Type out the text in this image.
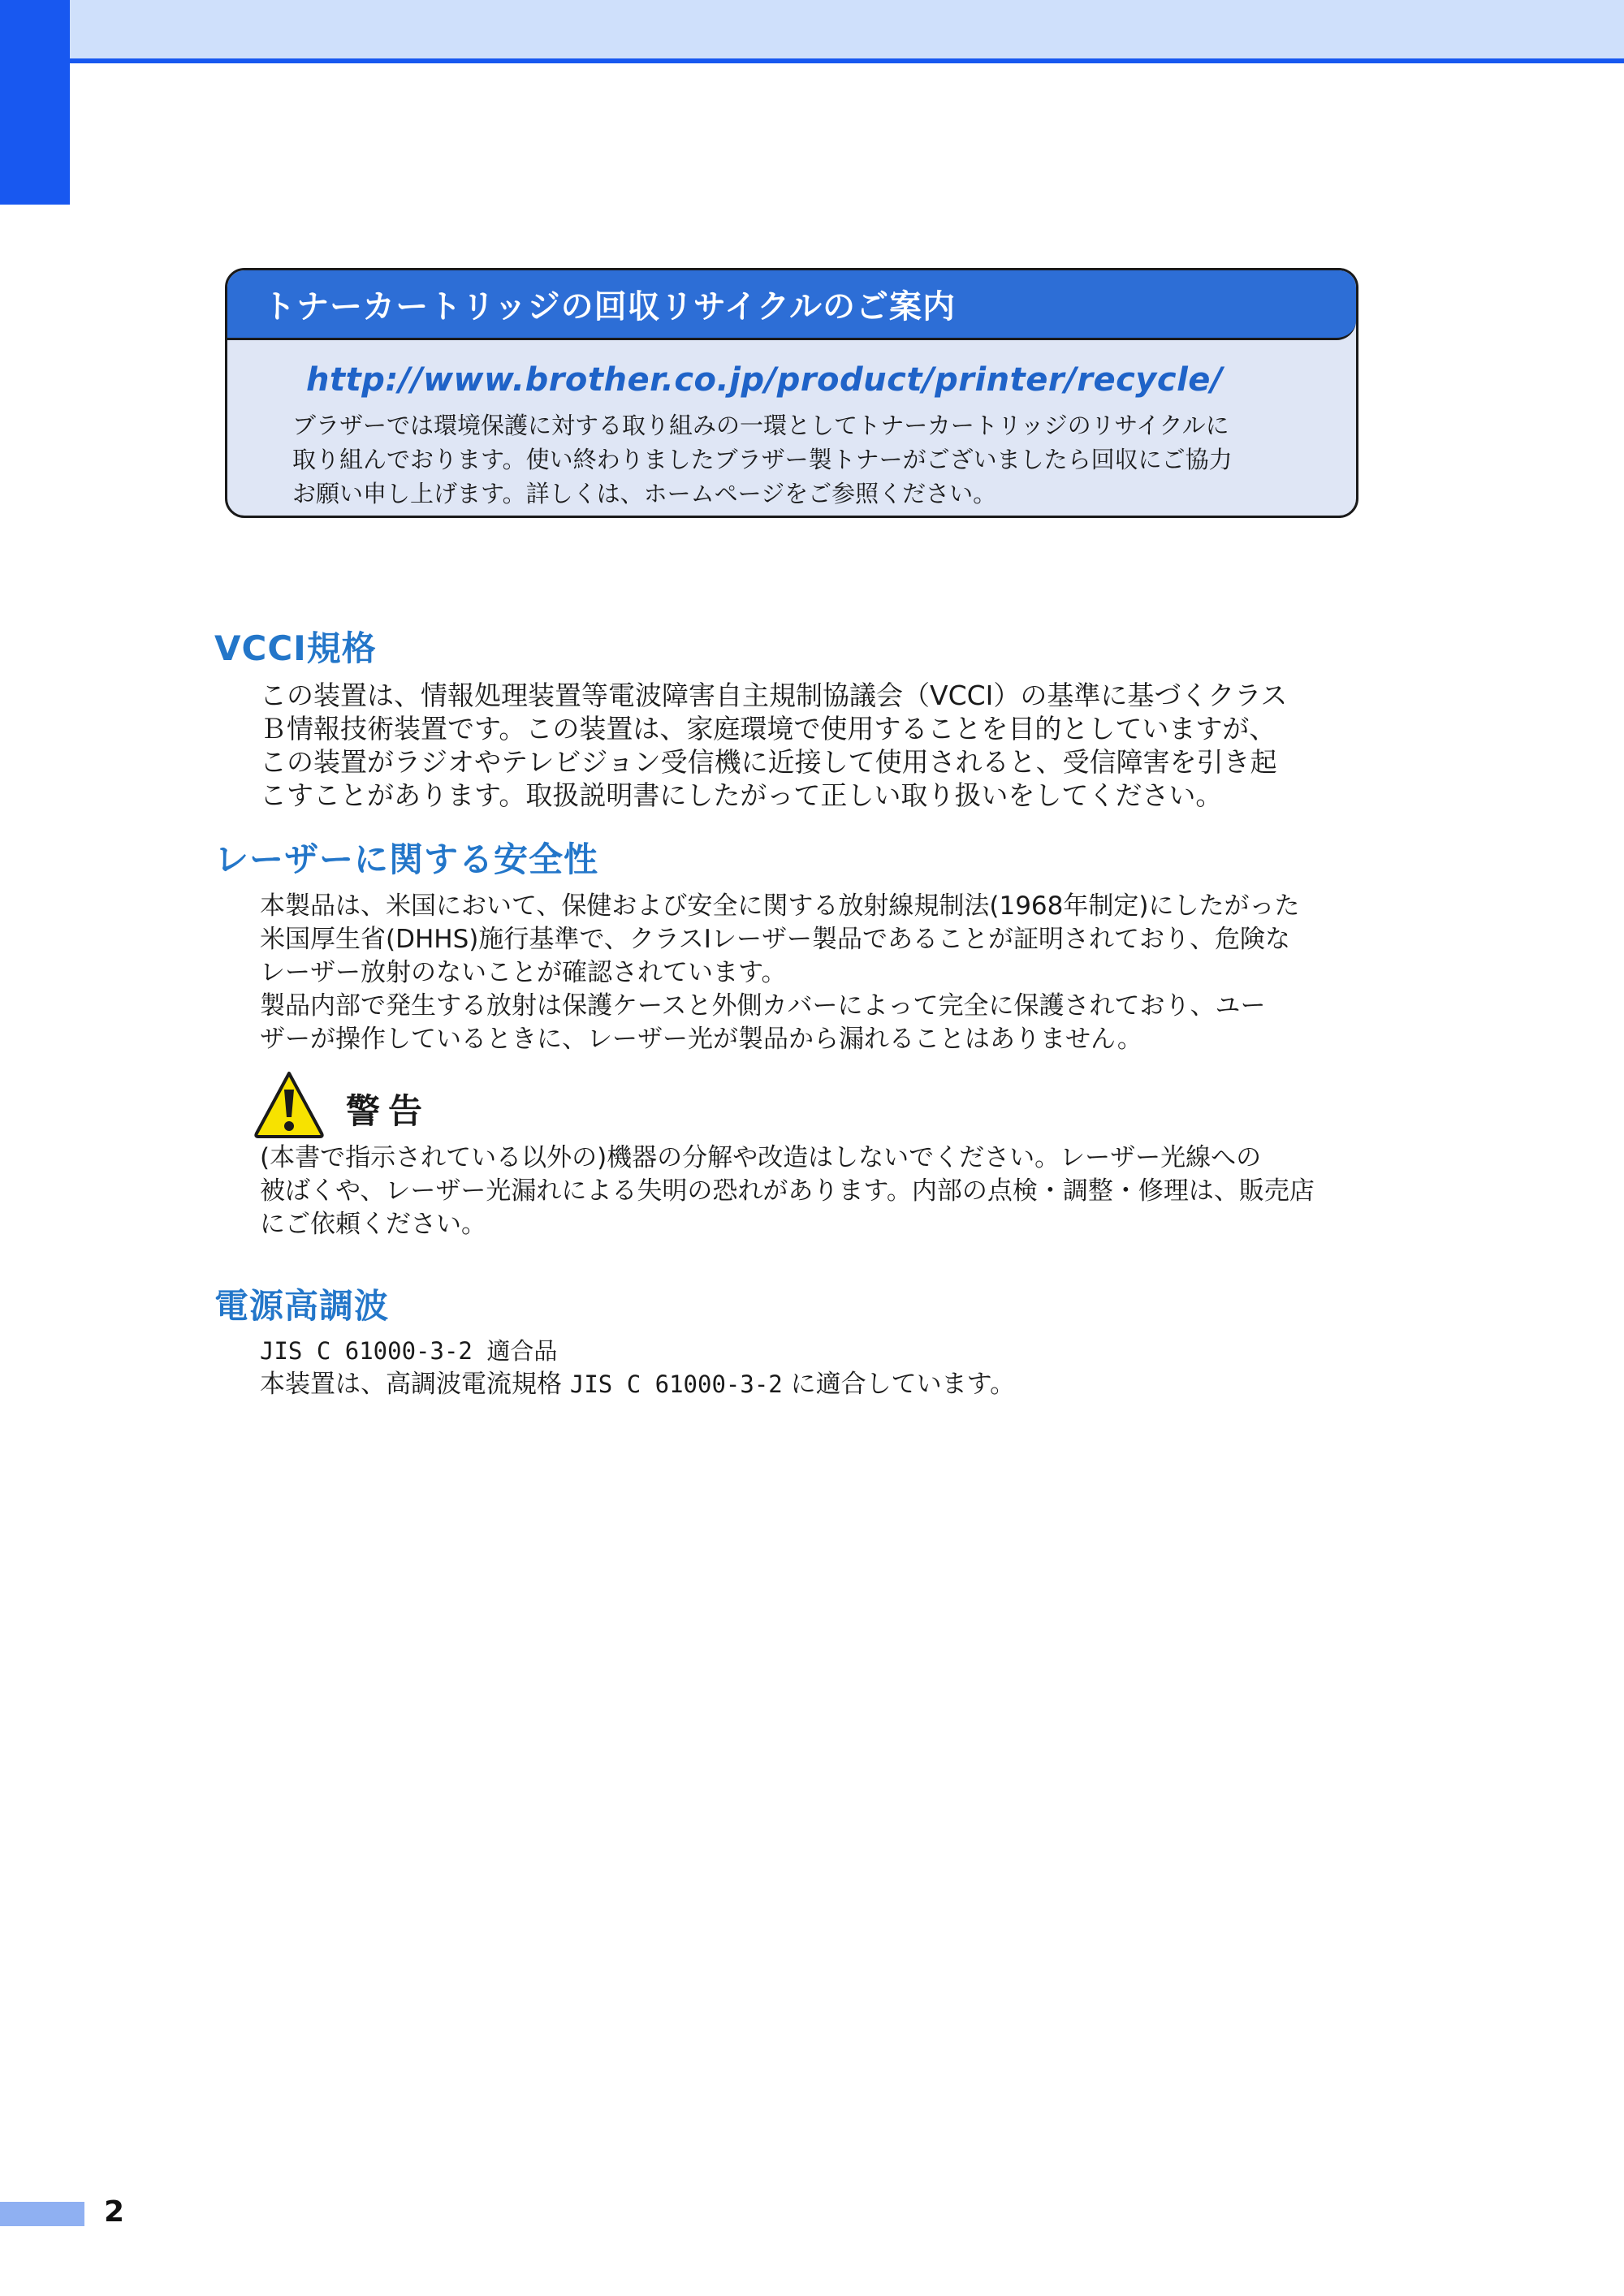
トナーカートリッジの回収リサイクルのご案内
http://www.brother.co.jp/product/printer/recycle/

ブラザーでは環境保護に対する取り組みの一環としてトナーカートリッジのリサイクルに
取り組んでおります。使い終わりましたブラザー製トナーがございましたら回収にご協力
お願い申し上げます。詳しくは、ホームページをご参照ください。

VCCI規格

この装置は、情報処理装置等電波障害自主規制協議会（VCCI）の基準に基づくクラス
Ｂ情報技術装置です。この装置は、家庭環境で使用することを目的としていますが、
この装置がラジオやテレビジョン受信機に近接して使用されると、受信障害を引き起
こすことがあります。取扱説明書にしたがって正しい取り扱いをしてください。

レーザーに関する安全性

本製品は、米国において、保健および安全に関する放射線規制法(1968年制定)にしたがった
米国厚生省(DHHS)施行基準で、クラスⅠレーザー製品であることが証明されており、危険な
レーザー放射のないことが確認されています。
製品内部で発生する放射は保護ケースと外側カバーによって完全に保護されており、ユー
ザーが操作しているときに、レーザー光が製品から漏れることはありません。

警告

(本書で指示されている以外の)機器の分解や改造はしないでください。レーザー光線への
被ばくや、レーザー光漏れによる失明の恐れがあります。内部の点検・調整・修理は、販売店
にご依頼ください。

電源高調波

JIS C 61000-3-2 適合品
本装置は、高調波電流規格 JIS C 61000-3-2 に適合しています。

2
